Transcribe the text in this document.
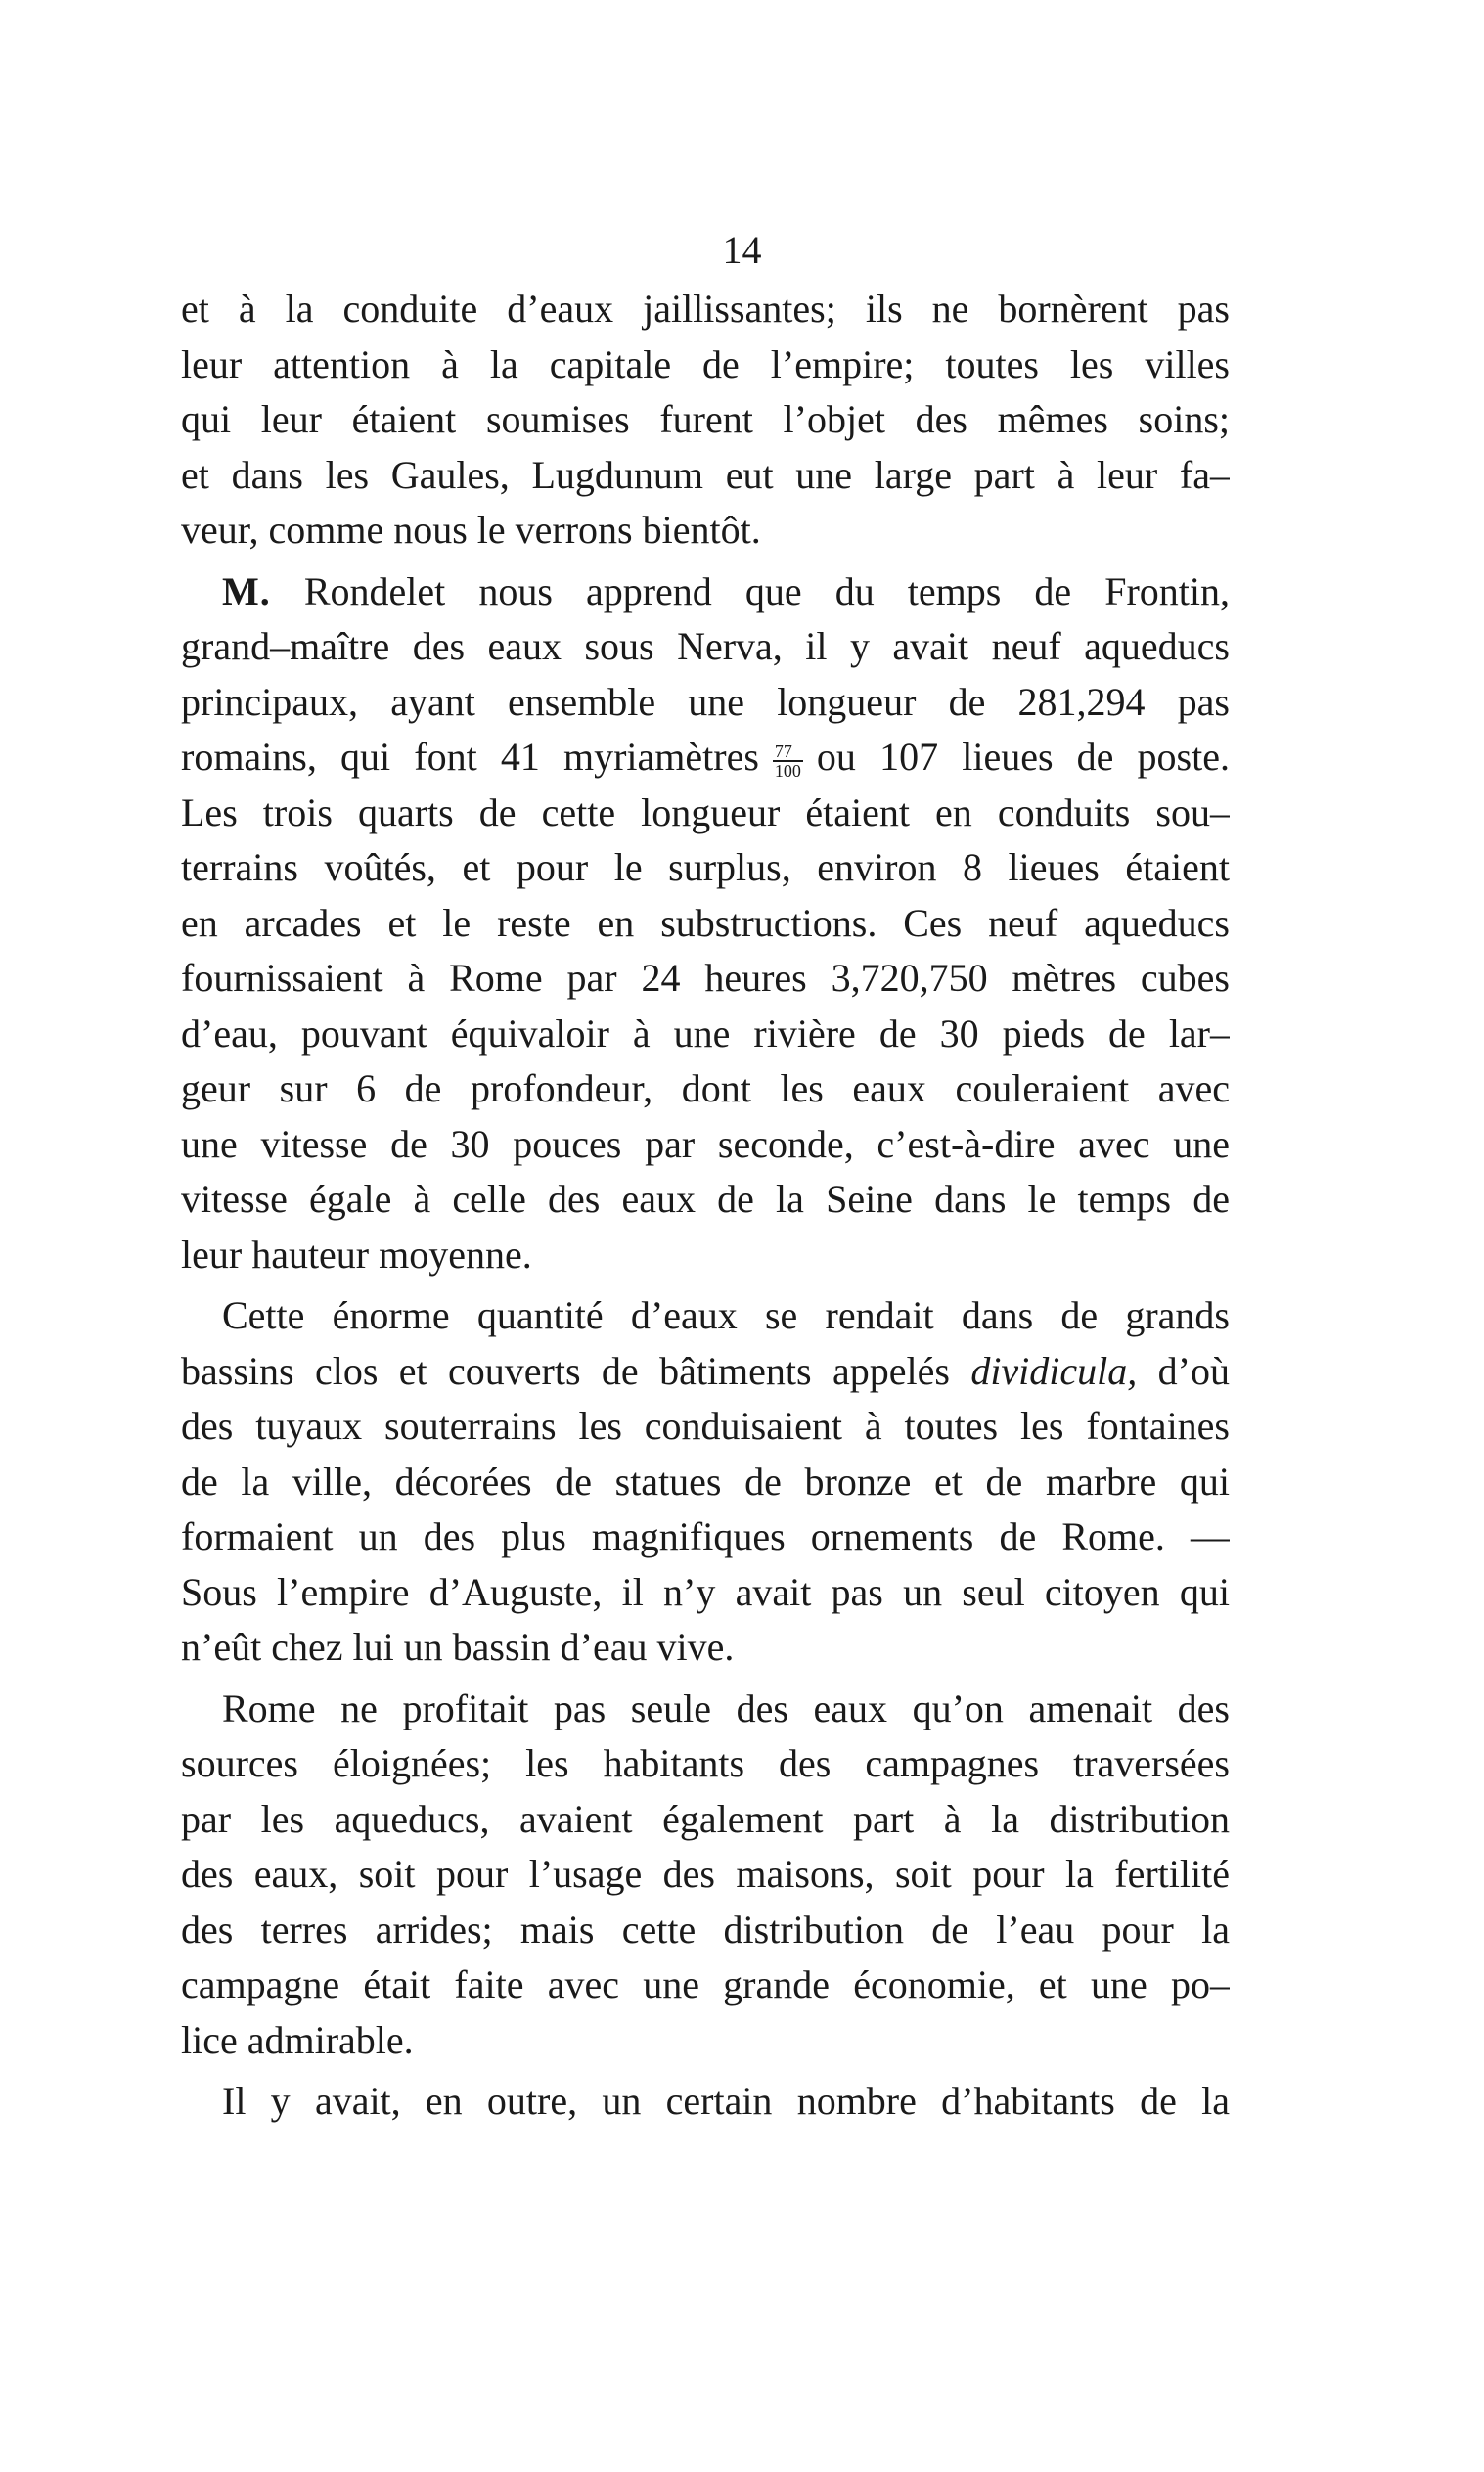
14
et à la conduite d’eaux jaillissantes; ils ne bornèrent pas
leur attention à la capitale de l’empire; toutes les villes
qui leur étaient soumises furent l’objet des mêmes soins;
et dans les Gaules, Lugdunum eut une large part à leur fa–
veur, comme nous le verrons bientôt.
M. Rondelet nous apprend que du temps de Frontin,
grand–maître des eaux sous Nerva, il y avait neuf aqueducs
principaux, ayant ensemble une longueur de 281,294 pas
romains, qui font 41 myriamètres $\frac{77}{100}$ ou 107 lieues de poste.
Les trois quarts de cette longueur étaient en conduits sou–
terrains voûtés, et pour le surplus, environ 8 lieues étaient
en arcades et le reste en substructions. Ces neuf aqueducs
fournissaient à Rome par 24 heures 3,720,750 mètres cubes
d’eau, pouvant équivaloir à une rivière de 30 pieds de lar–
geur sur 6 de profondeur, dont les eaux couleraient avec
une vitesse de 30 pouces par seconde, c’est-à-dire avec une
vitesse égale à celle des eaux de la Seine dans le temps de
leur hauteur moyenne.
Cette énorme quantité d’eaux se rendait dans de grands
bassins clos et couverts de bâtiments appelés dividicula, d’où
des tuyaux souterrains les conduisaient à toutes les fontaines
de la ville, décorées de statues de bronze et de marbre qui
formaient un des plus magnifiques ornements de Rome. —
Sous l’empire d’Auguste, il n’y avait pas un seul citoyen qui
n’eût chez lui un bassin d’eau vive.
Rome ne profitait pas seule des eaux qu’on amenait des
sources éloignées; les habitants des campagnes traversées
par les aqueducs, avaient également part à la distribution
des eaux, soit pour l’usage des maisons, soit pour la fertilité
des terres arrides; mais cette distribution de l’eau pour la
campagne était faite avec une grande économie, et une po–
lice admirable.
Il y avait, en outre, un certain nombre d’habitants de la
